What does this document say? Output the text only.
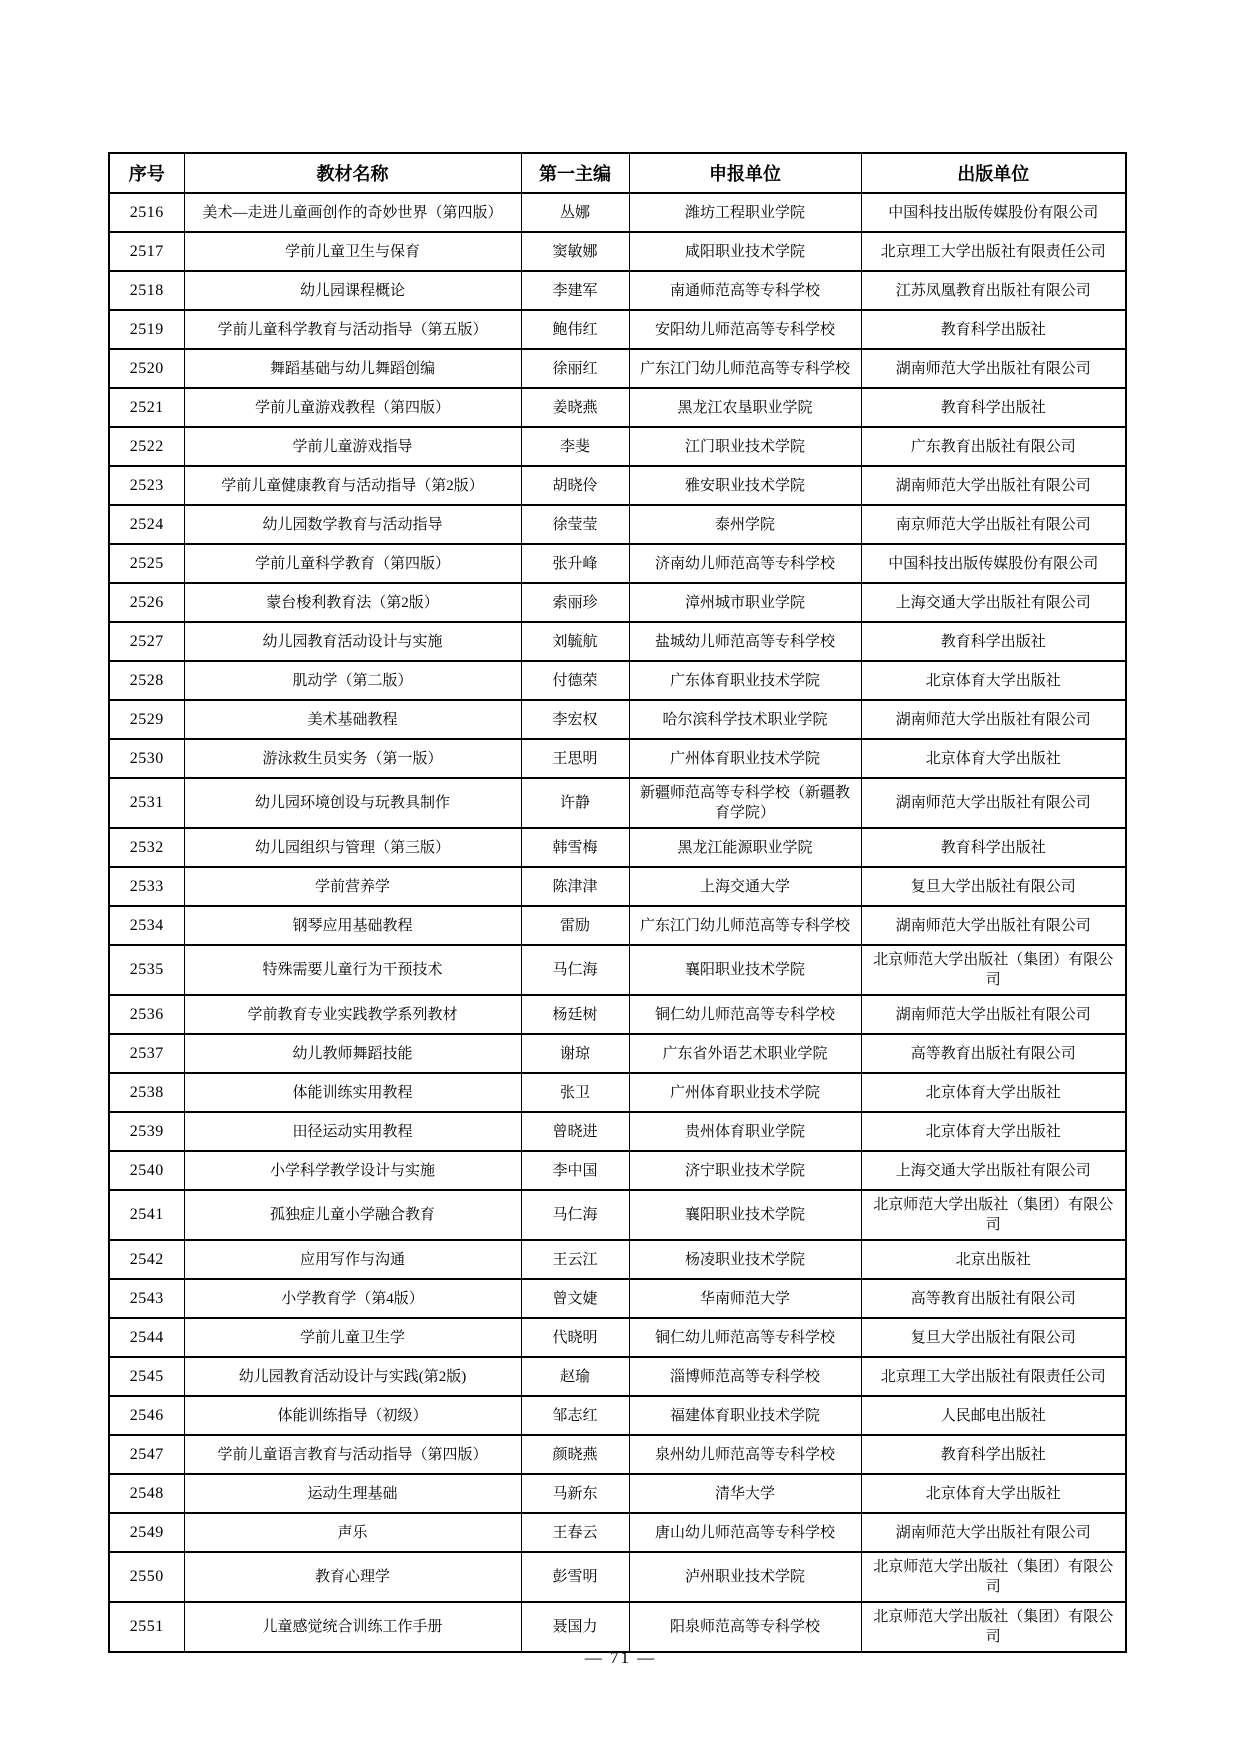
序号	教材名称	第一主编	申报单位	出版单位
2516	美术—走进儿童画创作的奇妙世界（第四版）	丛娜	潍坊工程职业学院	中国科技出版传媒股份有限公司
2517	学前儿童卫生与保育	窦敏娜	咸阳职业技术学院	北京理工大学出版社有限责任公司
2518	幼儿园课程概论	李建军	南通师范高等专科学校	江苏凤凰教育出版社有限公司
2519	学前儿童科学教育与活动指导（第五版）	鲍伟红	安阳幼儿师范高等专科学校	教育科学出版社
2520	舞蹈基础与幼儿舞蹈创编	徐丽红	广东江门幼儿师范高等专科学校	湖南师范大学出版社有限公司
2521	学前儿童游戏教程（第四版）	姜晓燕	黑龙江农垦职业学院	教育科学出版社
2522	学前儿童游戏指导	李斐	江门职业技术学院	广东教育出版社有限公司
2523	学前儿童健康教育与活动指导（第2版）	胡晓伶	雅安职业技术学院	湖南师范大学出版社有限公司
2524	幼儿园数学教育与活动指导	徐莹莹	泰州学院	南京师范大学出版社有限公司
2525	学前儿童科学教育（第四版）	张升峰	济南幼儿师范高等专科学校	中国科技出版传媒股份有限公司
2526	蒙台梭利教育法（第2版）	索丽珍	漳州城市职业学院	上海交通大学出版社有限公司
2527	幼儿园教育活动设计与实施	刘毓航	盐城幼儿师范高等专科学校	教育科学出版社
2528	肌动学（第二版）	付德荣	广东体育职业技术学院	北京体育大学出版社
2529	美术基础教程	李宏权	哈尔滨科学技术职业学院	湖南师范大学出版社有限公司
2530	游泳救生员实务（第一版）	王思明	广州体育职业技术学院	北京体育大学出版社
2531	幼儿园环境创设与玩教具制作	许静	新疆师范高等专科学校（新疆教育学院）	湖南师范大学出版社有限公司
2532	幼儿园组织与管理（第三版）	韩雪梅	黑龙江能源职业学院	教育科学出版社
2533	学前营养学	陈津津	上海交通大学	复旦大学出版社有限公司
2534	钢琴应用基础教程	雷励	广东江门幼儿师范高等专科学校	湖南师范大学出版社有限公司
2535	特殊需要儿童行为干预技术	马仁海	襄阳职业技术学院	北京师范大学出版社（集团）有限公司
2536	学前教育专业实践教学系列教材	杨廷树	铜仁幼儿师范高等专科学校	湖南师范大学出版社有限公司
2537	幼儿教师舞蹈技能	谢琼	广东省外语艺术职业学院	高等教育出版社有限公司
2538	体能训练实用教程	张卫	广州体育职业技术学院	北京体育大学出版社
2539	田径运动实用教程	曾晓进	贵州体育职业学院	北京体育大学出版社
2540	小学科学教学设计与实施	李中国	济宁职业技术学院	上海交通大学出版社有限公司
2541	孤独症儿童小学融合教育	马仁海	襄阳职业技术学院	北京师范大学出版社（集团）有限公司
2542	应用写作与沟通	王云江	杨凌职业技术学院	北京出版社
2543	小学教育学（第4版）	曾文婕	华南师范大学	高等教育出版社有限公司
2544	学前儿童卫生学	代晓明	铜仁幼儿师范高等专科学校	复旦大学出版社有限公司
2545	幼儿园教育活动设计与实践(第2版)	赵瑜	淄博师范高等专科学校	北京理工大学出版社有限责任公司
2546	体能训练指导（初级）	邹志红	福建体育职业技术学院	人民邮电出版社
2547	学前儿童语言教育与活动指导（第四版）	颜晓燕	泉州幼儿师范高等专科学校	教育科学出版社
2548	运动生理基础	马新东	清华大学	北京体育大学出版社
2549	声乐	王春云	唐山幼儿师范高等专科学校	湖南师范大学出版社有限公司
2550	教育心理学	彭雪明	泸州职业技术学院	北京师范大学出版社（集团）有限公司
2551	儿童感觉统合训练工作手册	聂国力	阳泉师范高等专科学校	北京师范大学出版社（集团）有限公司
— 71 —
